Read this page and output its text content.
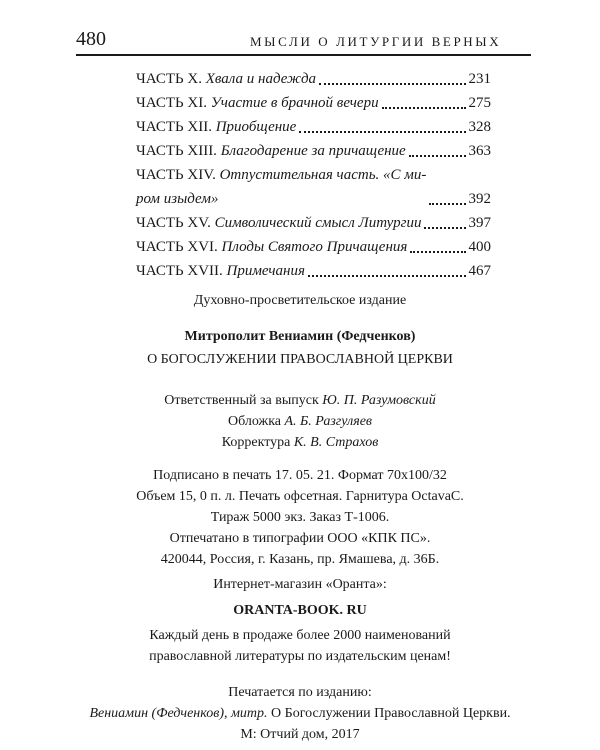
480	МЫСЛИ О ЛИТУРГИИ ВЕРНЫХ
ЧАСТЬ X. Хвала и надежда	231
ЧАСТЬ XI. Участие в брачной вечери	275
ЧАСТЬ XII. Приобщение	328
ЧАСТЬ XIII. Благодарение за причащение	363
ЧАСТЬ XIV. Отпустительная часть. «С ми-
ром изыдем»	392
ЧАСТЬ XV. Символический смысл Литургии	397
ЧАСТЬ XVI. Плоды Святого Причащения	400
ЧАСТЬ XVII. Примечания	467
Духовно-просветительское издание
Митрополит Вениамин (Федченков)
О БОГОСЛУЖЕНИИ ПРАВОСЛАВНОЙ ЦЕРКВИ
Ответственный за выпуск Ю. П. Разумовский
Обложка А. Б. Разгуляев
Корректура К. В. Страхов
Подписано в печать 17. 05. 21. Формат 70x100/32
Объем 15, 0 п. л. Печать офсетная. Гарнитура OctavaC.
Тираж 5000 экз. Заказ Т-1006.
Отпечатано в типографии ООО «КПК ПС».
420044, Россия, г. Казань, пр. Ямашева, д. 36Б.
Интернет-магазин «Оранта»:
ORANTA-BOOK. RU
Каждый день в продаже более 2000 наименований
православной литературы по издательским ценам!
Печатается по изданию:
Вениамин (Федченков), митр. О Богослужении Православной Церкви.
М: Отчий дом, 2017
